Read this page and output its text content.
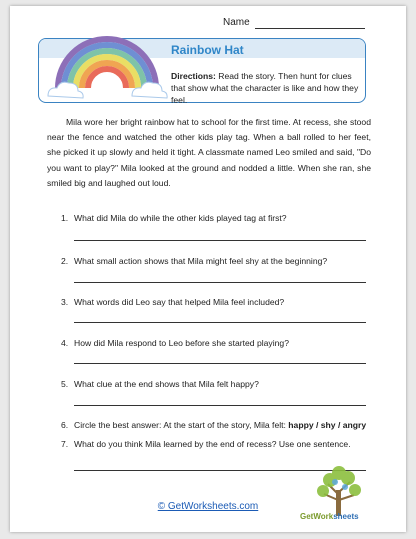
Name
Rainbow Hat
Directions: Read the story. Then hunt for clues that show what the character is like and how they feel.

Mila wore her bright rainbow hat to school for the first time. At recess, she stood near the fence and watched the other kids play tag. When a ball rolled to her feet, she picked it up slowly and held it tight. A classmate named Leo smiled and said, "Do you want to play?" Mila looked at the ground and nodded a little. When she ran, she smiled big and laughed out loud.

1. What did Mila do while the other kids played tag at first?
2. What small action shows that Mila might feel shy at the beginning?
3. What words did Leo say that helped Mila feel included?
4. How did Mila respond to Leo before she started playing?
5. What clue at the end shows that Mila felt happy?
6. Circle the best answer: At the start of the story, Mila felt: happy / shy / angry
7. What do you think Mila learned by the end of recess? Use one sentence.
GetWorksheets
© GetWorksheets.com
